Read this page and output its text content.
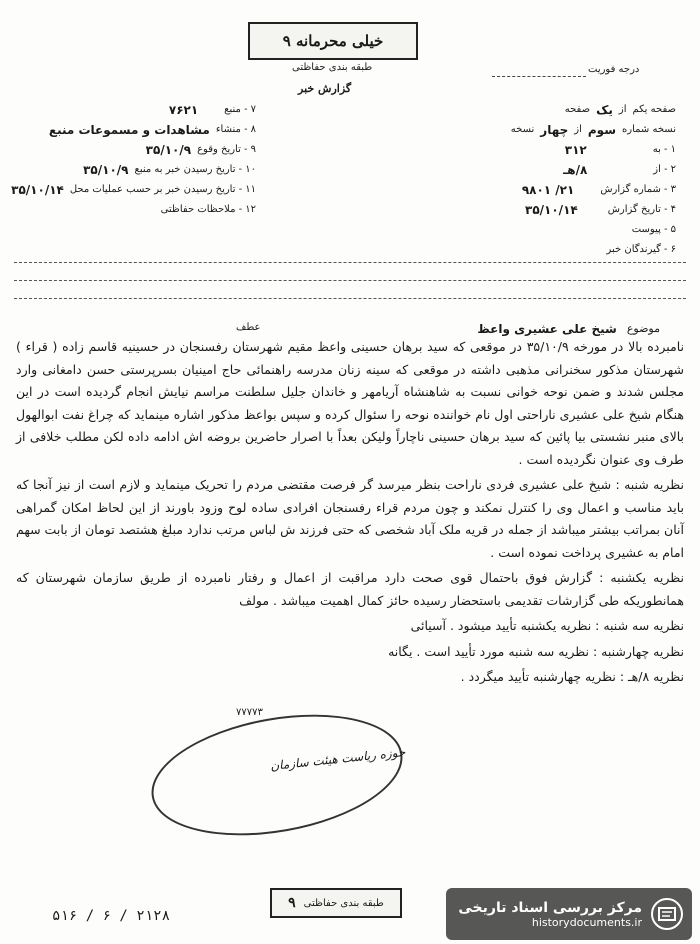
خیلی محرمانه ۹
طبقه بندی حفاظتی
گزارش خبر
درجه فوریت
صفحه یکم
از
یک
صفحه
نسخه شماره
سوم
از
چهار
نسخه
۱ - به
۳۱۲
۲ - از
۸/هـ
۳ - شماره گزارش
۲۱/ ۹۸۰۱
۴ - تاریخ گزارش
۳۵/۱۰/۱۴
۵ - پیوست
۶ - گیرندگان خبر
۷ - منبع
۷۶۲۱
۸ - منشاء
مشاهدات و مسموعات منبع
۹ - تاریخ وقوع
۳۵/۱۰/۹
۱۰ - تاریخ رسیدن خبر به منبع
۳۵/۱۰/۹
۱۱ - تاریخ رسیدن خبر بر حسب عملیات محل
۳۵/۱۰/۱۴
۱۲ - ملاحظات حفاظتی
موضوع
شیخ علی عشیری واعظ
عطف

نامبرده بالا در مورخه ۳۵/۱۰/۹ در موقعی که سید برهان حسینی واعظ مقیم شهرستان رفسنجان در حسینیه قاسم زاده ( قراء ) شهرستان مذکور سخنرانی مذهبی داشته در موقعی که سینه زنان مدرسه راهنمائی حاج امینیان بسرپرستی حسن دامغانی وارد مجلس شدند و ضمن نوحه خوانی نسبت به شاهنشاه آریامهر و خاندان جلیل سلطنت مراسم نیایش انجام گردیده است در این هنگام شیخ علی عشیری ناراحتی اول نام خواننده نوحه را سئوال کرده و سپس بواعظ مذکور اشاره مینماید که چراغ نفت ابوالهول بالای منبر نشستی بیا پائین که سید برهان حسینی ناچاراً ولیکن بعداً با اصرار حاضرین بروضه اش ادامه داده لکن مطلب خلافی از طرف وی عنوان نگردیده است .

نظریه شنبه : شیخ علی عشیری فردی ناراحت بنظر میرسد گر فرصت مقتضی مردم را تحریک مینماید و لازم است از نیز آنجا که باید مناسب و اعمال وی را کنترل نمکند و چون مردم قراء رفسنجان افرادی ساده لوح وزود باورند از این لحاظ امکان گمراهی آنان بمراتب بیشتر میباشد از جمله در قریه ملک آباد شخصی که حتی فرزند ش لباس مرتب ندارد مبلغ هشتصد تومان از بابت سهم امام به عشیری پرداخت نموده است .

نظریه یکشنبه : گزارش فوق باحتمال قوی صحت دارد مراقبت از اعمال و رفتار نامبرده از طریق سازمان شهرستان که همانطوریکه طی گزارشات تقدیمی باستحضار رسیده حائز کمال اهمیت میباشد . مولف

نظریه سه شنبه : نظریه یکشنبه تأیید میشود . آسیائی

نظریه چهارشنبه : نظریه سه شنبه مورد تأیید است . یگانه

نظریه ۸/هـ : نظریه چهارشنبه تأیید میگردد .

۷۷۷۷۳
حوزه ریاست هیئت سازمان
۵۱۶ / ۶ / ۲۱۲۸
طبقه بندی حفاظتی
۹	مرکز بررسی اسناد تاریخی
historydocuments.ir
